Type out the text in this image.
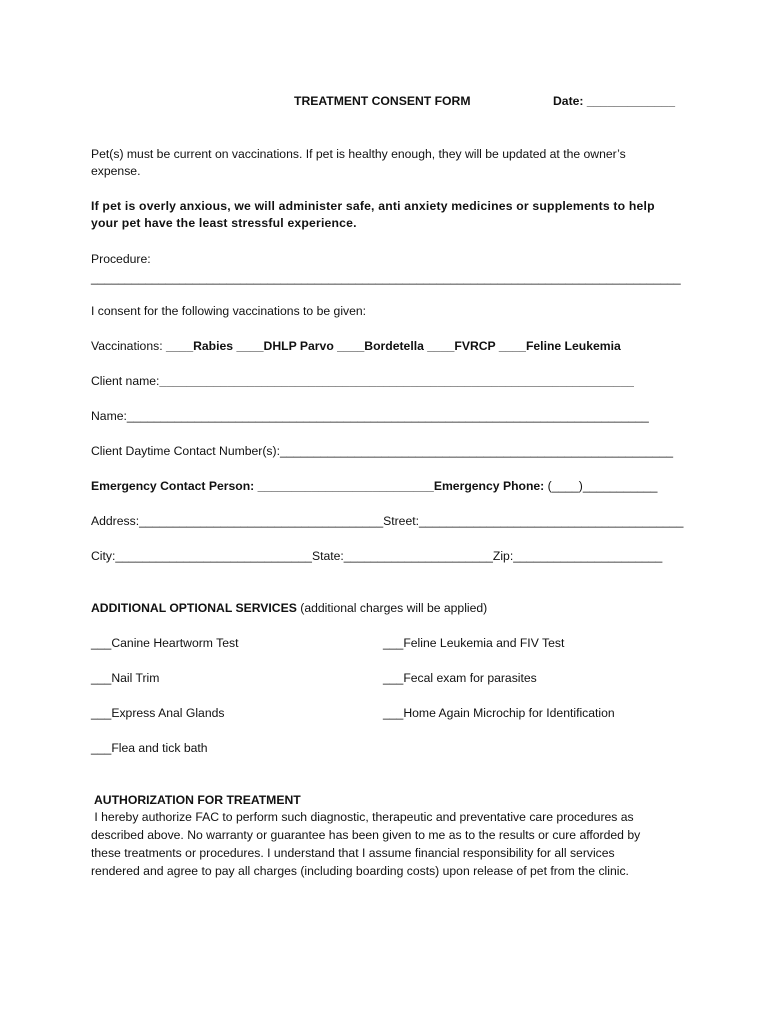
TREATMENT CONSENT FORM	Date: _____________
Pet(s) must be current on vaccinations. If pet is healthy enough, they will be updated at the owner’s
expense.
If pet is overly anxious, we will administer safe, anti anxiety medicines or supplements to help
your pet have the least stressful experience.
Procedure:
_______________________________________________________________________________________
I consent for the following vaccinations to be given:
Vaccinations: ____Rabies ____DHLP Parvo ____Bordetella ____FVRCP ____Feline Leukemia
Client name:______________________________________________________________________
Name:_____________________________________________________________________________
Client Daytime Contact Number(s):__________________________________________________________
Emergency Contact Person: __________________________Emergency Phone: (____)___________
Address:____________________________________Street:_______________________________________
City:_____________________________State:______________________Zip:______________________
ADDITIONAL OPTIONAL SERVICES (additional charges will be applied)
___Canine Heartworm Test	___Feline Leukemia and FIV Test
___Nail Trim	___Fecal exam for parasites
___Express Anal Glands	___Home Again Microchip for Identification
___Flea and tick bath
AUTHORIZATION FOR TREATMENT
I hereby authorize FAC to perform such diagnostic, therapeutic and preventative care procedures as
described above. No warranty or guarantee has been given to me as to the results or cure afforded by
these treatments or procedures. I understand that I assume financial responsibility for all services
rendered and agree to pay all charges (including boarding costs) upon release of pet from the clinic.
